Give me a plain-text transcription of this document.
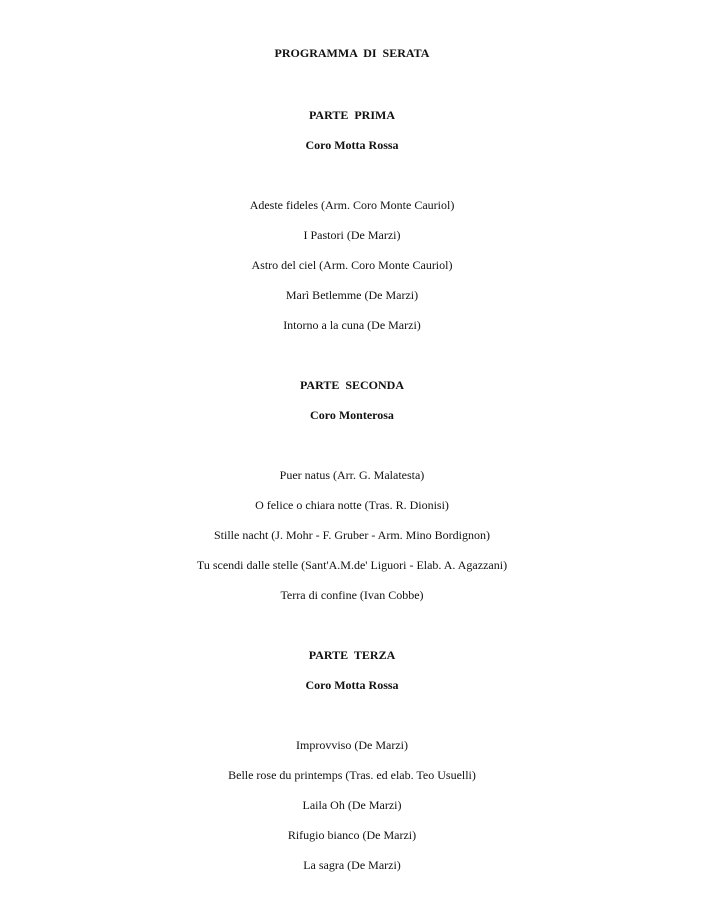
PROGRAMMA  DI  SERATA
PARTE  PRIMA
Coro Motta Rossa
Adeste fideles (Arm. Coro Monte Cauriol)
I Pastori (De Marzi)
Astro del ciel (Arm. Coro Monte Cauriol)
Marì Betlemme (De Marzi)
Intorno a la cuna (De Marzi)
PARTE  SECONDA
Coro Monterosa
Puer natus (Arr. G. Malatesta)
O felice o chiara notte (Tras. R. Dionisi)
Stille nacht (J. Mohr - F. Gruber - Arm. Mino Bordignon)
Tu scendi dalle stelle (Sant'A.M.de' Liguori - Elab. A. Agazzani)
Terra di confine (Ivan Cobbe)
PARTE  TERZA
Coro Motta Rossa
Improvviso (De Marzi)
Belle rose du printemps (Tras. ed elab. Teo Usuelli)
Laila Oh (De Marzi)
Rifugio bianco (De Marzi)
La sagra (De Marzi)
